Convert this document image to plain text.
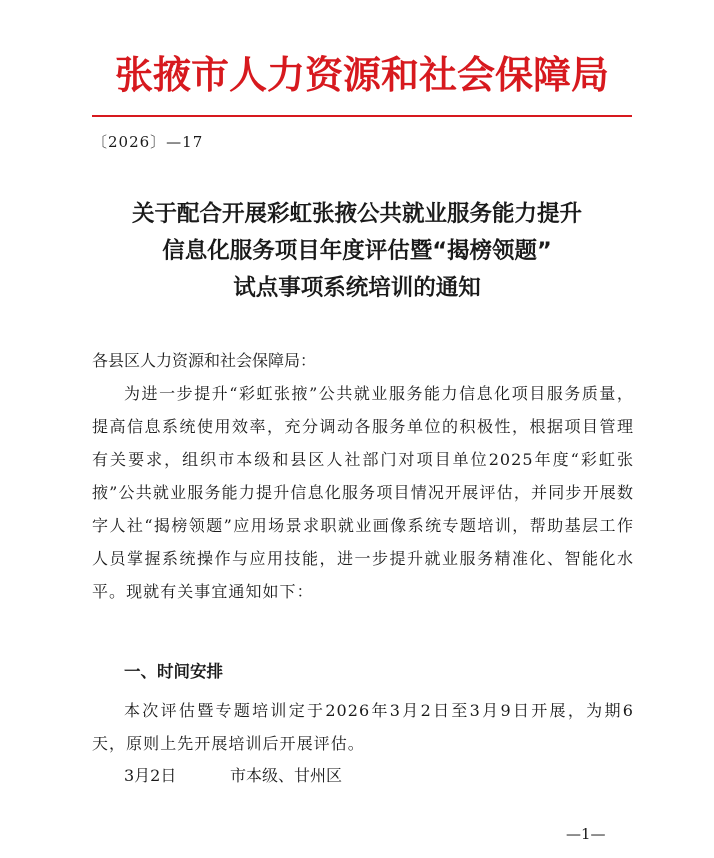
张掖市人力资源和社会保障局

〔2026〕—17

关于配合开展彩虹张掖公共就业服务能力提升
信息化服务项目年度评估暨“揭榜领题”
试点事项系统培训的通知

各县区人力资源和社会保障局：

为进一步提升“彩虹张掖”公共就业服务能力信息化项目服务质量，提高信息系统使用效率，充分调动各服务单位的积极性，根据项目管理有关要求，组织市本级和县区人社部门对项目单位2025年度“彩虹张掖”公共就业服务能力提升信息化服务项目情况开展评估，并同步开展数字人社“揭榜领题”应用场景求职就业画像系统专题培训，帮助基层工作人员掌握系统操作与应用技能，进一步提升就业服务精准化、智能化水平。现就有关事宜通知如下：

一、时间安排

本次评估暨专题培训定于2026年3月2日至3月9日开展，为期6天，原则上先开展培训后开展评估。

3月2日	市本级、甘州区

—1—
